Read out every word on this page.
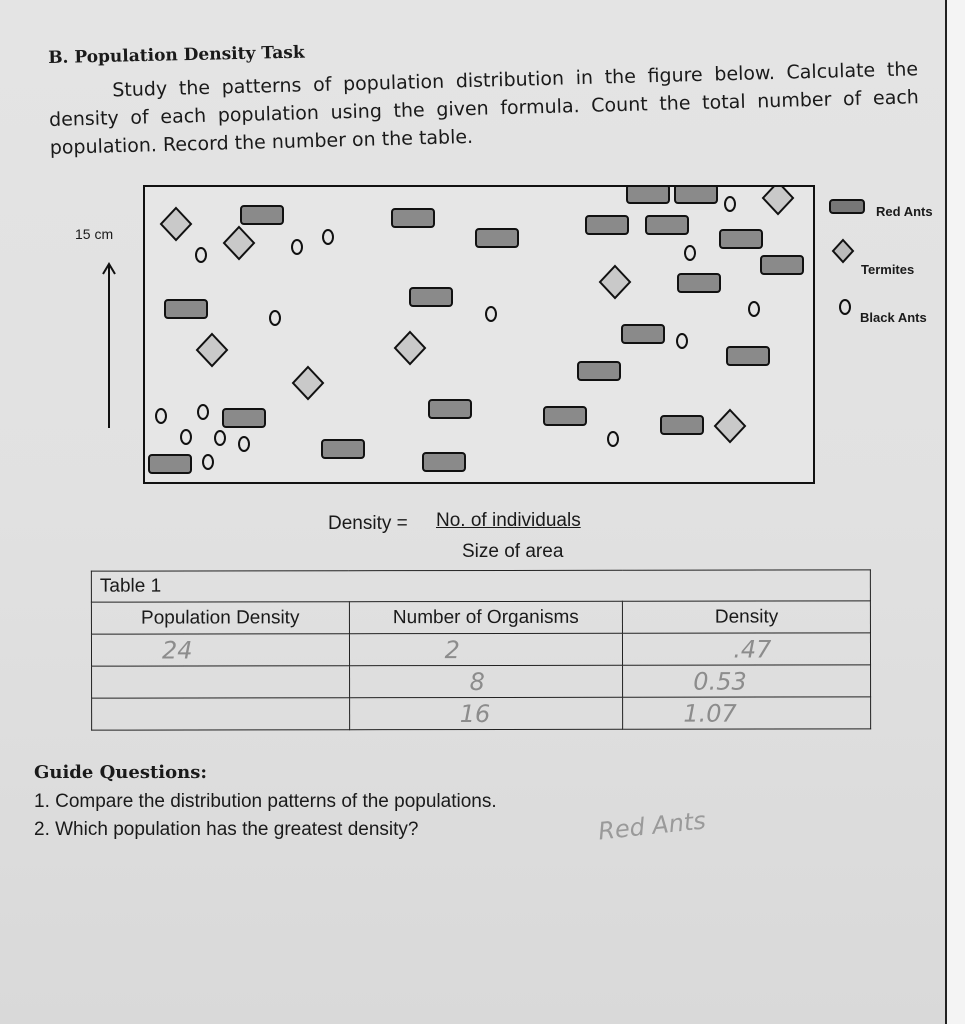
B. Population Density Task
Study the patterns of population distribution in the figure below. Calculate the density of each population using the given formula. Count the total number of each population. Record the number on the table.
15 cm
Red Ants
Termites
Black Ants
Density = No. of individuals
Size of area
Table 1		
Population Density	Number of Organisms	Density
24	2	.47
	8	0.53
	16	1.07
Guide Questions:
1. Compare the distribution patterns of the populations.
2. Which population has the greatest density?	Red Ants
